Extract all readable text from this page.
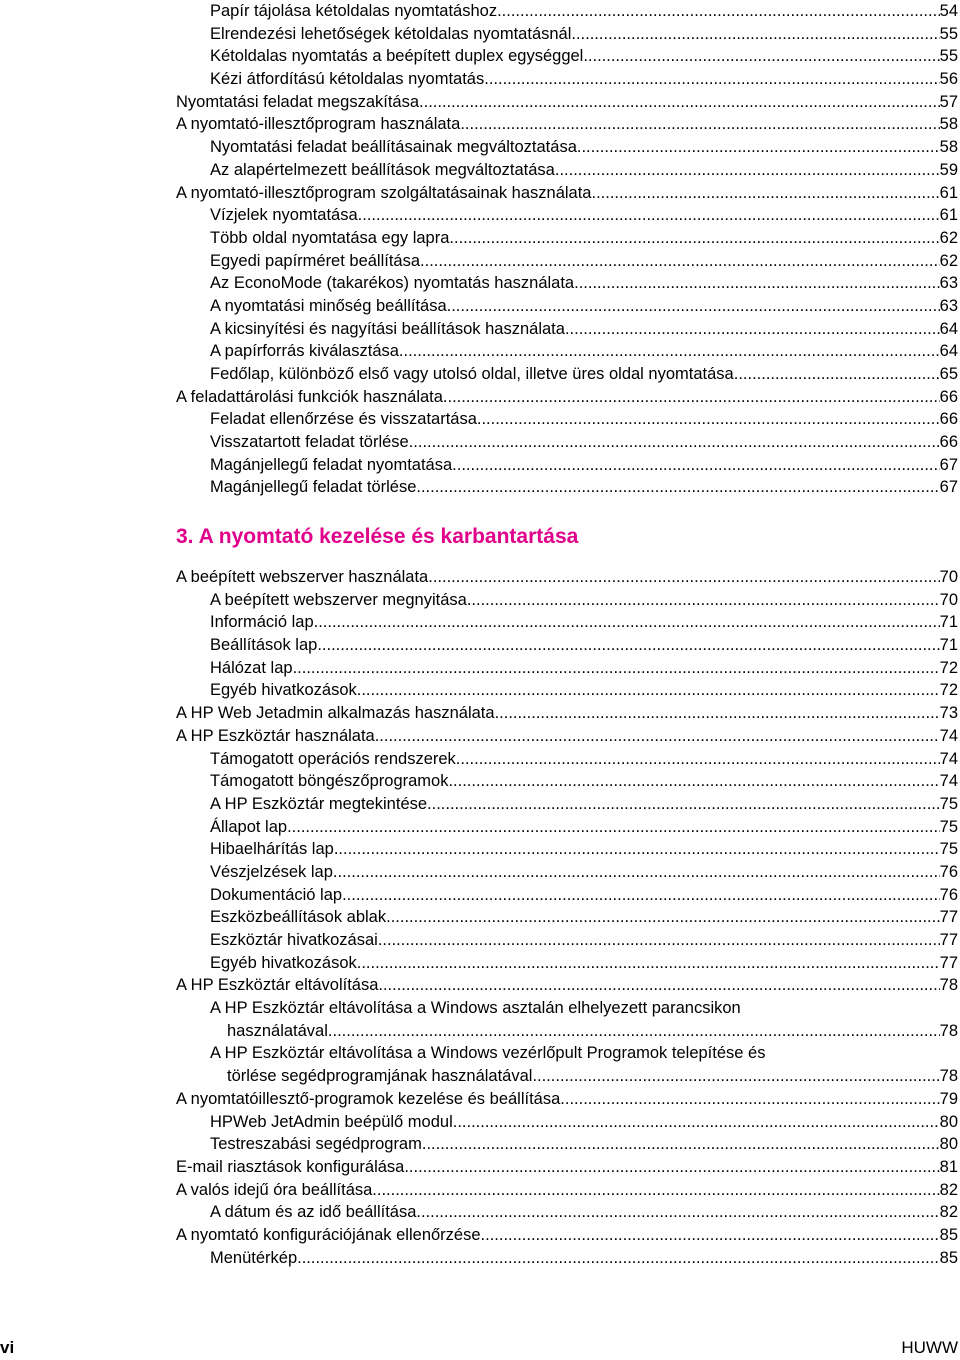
Papír tájolása kétoldalas nyomtatáshoz .....	54
Elrendezési lehetőségek kétoldalas nyomtatásnál .....	55
Kétoldalas nyomtatás a beépített duplex egységgel .....	55
Kézi átfordítású kétoldalas nyomtatás .....	56
Nyomtatási feladat megszakítása .....	57
A nyomtató-illesztőprogram használata .....	58
Nyomtatási feladat beállításainak megváltoztatása .....	58
Az alapértelmezett beállítások megváltoztatása .....	59
A nyomtató-illesztőprogram szolgáltatásainak használata .....	61
Vízjelek nyomtatása .....	61
Több oldal nyomtatása egy lapra .....	62
Egyedi papírméret beállítása .....	62
Az EconoMode (takarékos) nyomtatás használata .....	63
A nyomtatási minőség beállítása .....	63
A kicsinyítési és nagyítási beállítások használata .....	64
A papírforrás kiválasztása .....	64
Fedőlap, különböző első vagy utolsó oldal, illetve üres oldal nyomtatása .....	65
A feladattárolási funkciók használata .....	66
Feladat ellenőrzése és visszatartása .....	66
Visszatartott feladat törlése .....	66
Magánjellegű feladat nyomtatása .....	67
Magánjellegű feladat törlése .....	67
3. A nyomtató kezelése és karbantartása
A beépített webszerver használata .....	70
A beépített webszerver megnyitása .....	70
Információ lap .....	71
Beállítások lap .....	71
Hálózat lap .....	72
Egyéb hivatkozások .....	72
A HP Web Jetadmin alkalmazás használata .....	73
A HP Eszköztár használata .....	74
Támogatott operációs rendszerek .....	74
Támogatott böngészőprogramok .....	74
A HP Eszköztár megtekintése .....	75
Állapot lap .....	75
Hibaelhárítás lap .....	75
Vészjelzések lap .....	76
Dokumentáció lap .....	76
Eszközbeállítások ablak .....	77
Eszköztár hivatkozásai .....	77
Egyéb hivatkozások .....	77
A HP Eszköztár eltávolítása .....	78
A HP Eszköztár eltávolítása a Windows asztalán elhelyezett parancsikon
használatával .....	78
A HP Eszköztár eltávolítása a Windows vezérlőpult Programok telepítése és
törlése segédprogramjának használatával .....	78
A nyomtatóillesztő-programok kezelése és beállítása .....	79
HPWeb JetAdmin beépülő modul .....	80
Testreszabási segédprogram .....	80
E-mail riasztások konfigurálása .....	81
A valós idejű óra beállítása .....	82
A dátum és az idő beállítása .....	82
A nyomtató konfigurációjának ellenőrzése .....	85
Menütérkép .....	85
vi	HUWW
